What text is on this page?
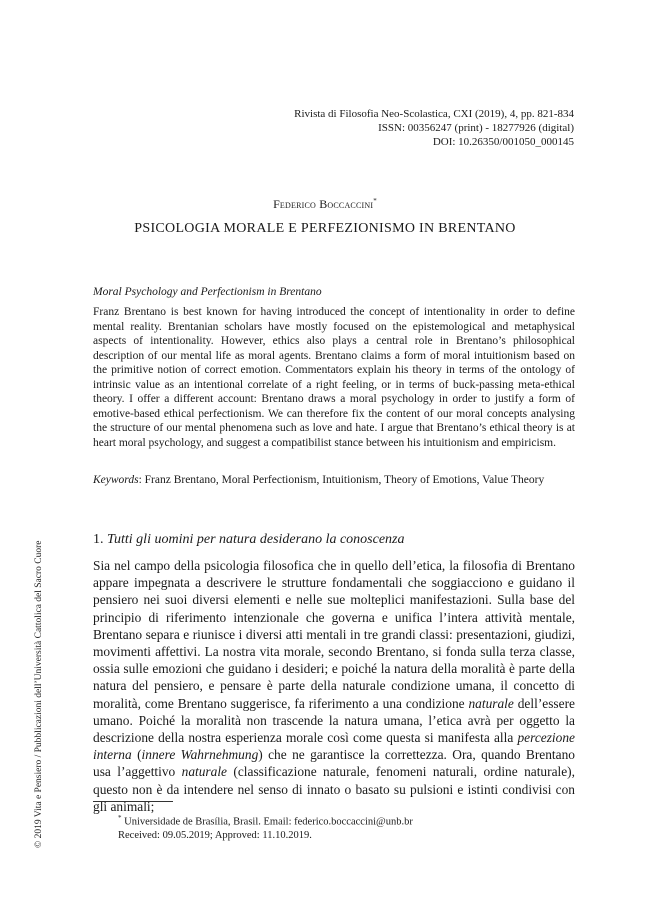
Rivista di Filosofia Neo-Scolastica, CXI (2019), 4, pp. 821-834
ISSN: 00356247 (print) - 18277926 (digital)
DOI: 10.26350/001050_000145
Federico Boccaccini*
PSICOLOGIA MORALE E PERFEZIONISMO IN BRENTANO
Moral Psychology and Perfectionism in Brentano

Franz Brentano is best known for having introduced the concept of intentionality in order to define mental reality. Brentanian scholars have mostly focused on the epistemological and metaphysical aspects of intentionality. However, ethics also plays a central role in Brentano’s philosophical description of our mental life as moral agents. Brentano claims a form of moral intuitionism based on the primitive notion of correct emotion. Commentators explain his theory in terms of the ontology of intrinsic value as an intentional correlate of a right feeling, or in terms of buck-passing meta-ethical theory. I offer a different account: Brentano draws a moral psychology in order to justify a form of emotive-based ethical perfectionism. We can therefore fix the content of our moral concepts analysing the structure of our mental phenomena such as love and hate. I argue that Brentano’s ethical theory is at heart moral psychology, and suggest a compatibilist stance between his intuitionism and empiricism.

Keywords: Franz Brentano, Moral Perfectionism, Intuitionism, Theory of Emotions, Value Theory

1. Tutti gli uomini per natura desiderano la conoscenza

Sia nel campo della psicologia filosofica che in quello dell’etica, la filosofia di Brentano appare impegnata a descrivere le strutture fondamentali che soggiacciono e guidano il pensiero nei suoi diversi elementi e nelle sue molteplici manifestazioni. Sulla base del principio di riferimento intenzionale che governa e unifica l’intera attività mentale, Brentano separa e riunisce i diversi atti mentali in tre grandi classi: presentazioni, giudizi, movimenti affettivi. La nostra vita morale, secondo Brentano, si fonda sulla terza classe, ossia sulle emozioni che guidano i desideri; e poiché la natura della moralità è parte della natura del pensiero, e pensare è parte della naturale condizione umana, il concetto di moralità, come Brentano suggerisce, fa riferimento a una condizione naturale dell’essere umano. Poiché la moralità non trascende la natura umana, l’etica avrà per oggetto la descrizione della nostra esperienza morale così come questa si manifesta alla percezione interna (innere Wahrnehmung) che ne garantisce la correttezza. Ora, quando Brentano usa l’aggettivo naturale (classificazione naturale, fenomeni naturali, ordine naturale), questo non è da intendere nel senso di innato o basato su pulsioni e istinti condivisi con gli animali;

* Universidade de Brasília, Brasil. Email: federico.boccaccini@unb.br
Received: 09.05.2019; Approved: 11.10.2019.
© 2019 Vita e Pensiero / Pubblicazioni dell’Università Cattolica del Sacro Cuore
